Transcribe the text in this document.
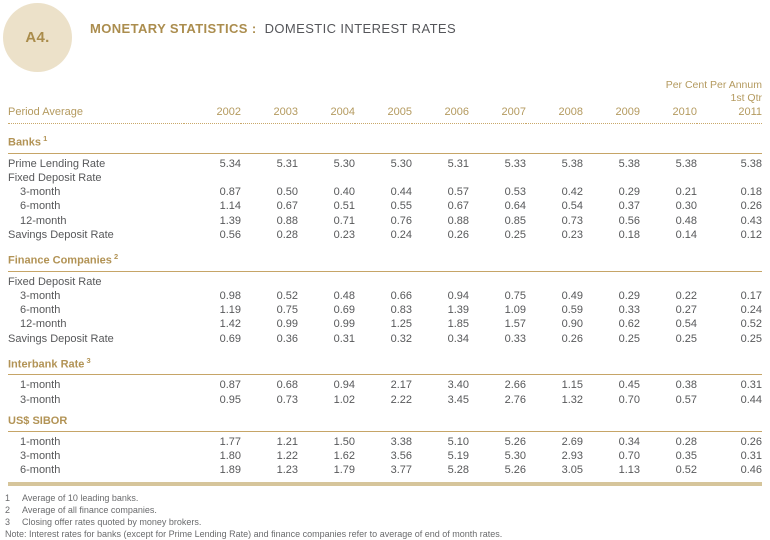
A4.
MONETARY STATISTICS : DOMESTIC INTEREST RATES
Per Cent Per Annum
1st Qtr
Period Average	2002	2003	2004	2005	2006	2007	2008	2009	2010	2011
Banks $^1$
Prime Lending Rate	5.34	5.31	5.30	5.30	5.31	5.33	5.38	5.38	5.38	5.38
Fixed Deposit Rate										
3-month	0.87	0.50	0.40	0.44	0.57	0.53	0.42	0.29	0.21	0.18
6-month	1.14	0.67	0.51	0.55	0.67	0.64	0.54	0.37	0.30	0.26
12-month	1.39	0.88	0.71	0.76	0.88	0.85	0.73	0.56	0.48	0.43
Savings Deposit Rate	0.56	0.28	0.23	0.24	0.26	0.25	0.23	0.18	0.14	0.12
Finance Companies $^2$
Fixed Deposit Rate										
3-month	0.98	0.52	0.48	0.66	0.94	0.75	0.49	0.29	0.22	0.17
6-month	1.19	0.75	0.69	0.83	1.39	1.09	0.59	0.33	0.27	0.24
12-month	1.42	0.99	0.99	1.25	1.85	1.57	0.90	0.62	0.54	0.52
Savings Deposit Rate	0.69	0.36	0.31	0.32	0.34	0.33	0.26	0.25	0.25	0.25
Interbank Rate $^3$
1-month	0.87	0.68	0.94	2.17	3.40	2.66	1.15	0.45	0.38	0.31
3-month	0.95	0.73	1.02	2.22	3.45	2.76	1.32	0.70	0.57	0.44
US$ SIBOR										
1-month	1.77	1.21	1.50	3.38	5.10	5.26	2.69	0.34	0.28	0.26
3-month	1.80	1.22	1.62	3.56	5.19	5.30	2.93	0.70	0.35	0.31
6-month	1.89	1.23	1.79	3.77	5.28	5.26	3.05	1.13	0.52	0.46
1	Average of 10 leading banks.
2	Average of all finance companies.
3	Closing offer rates quoted by money brokers.
Note: Interest rates for banks (except for Prime Lending Rate) and finance companies refer to average of end of month rates.
